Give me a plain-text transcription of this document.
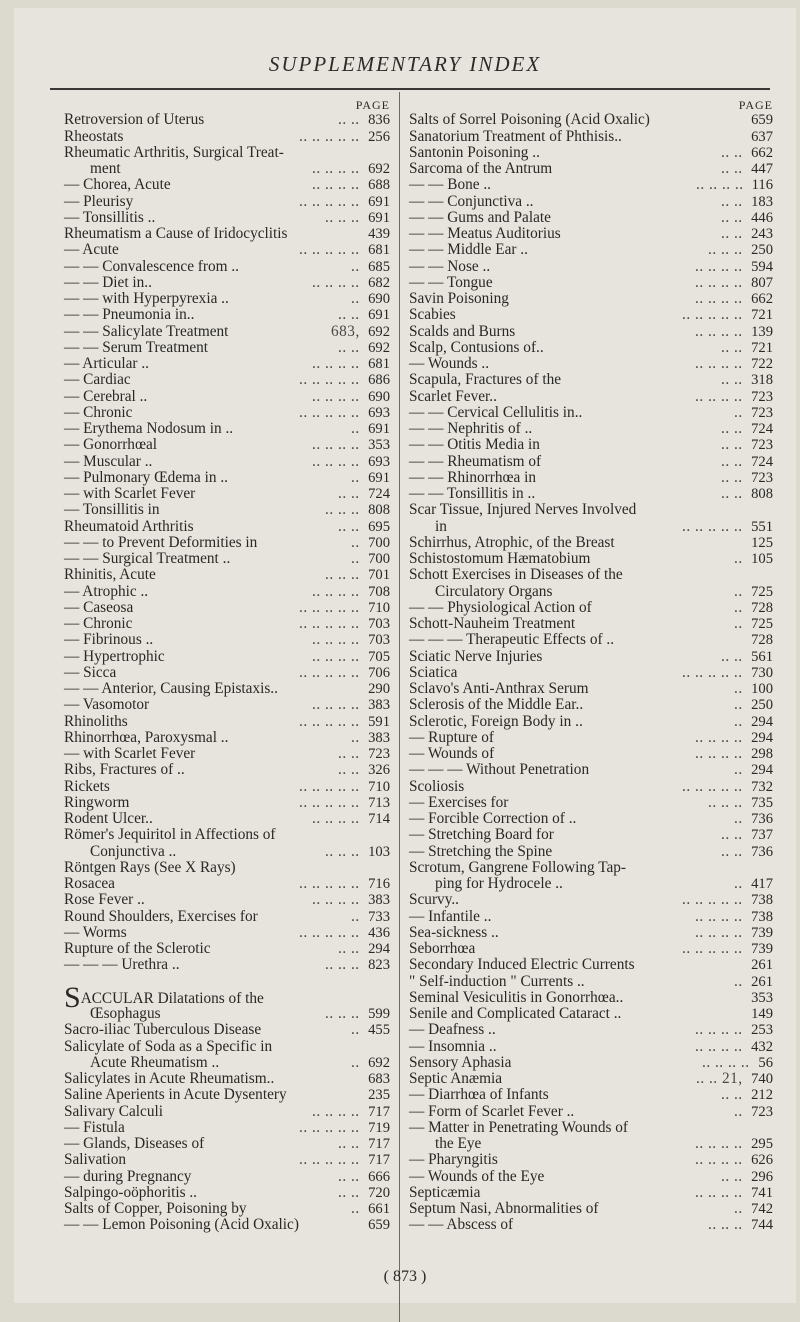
SUPPLEMENTARY INDEX
PAGE
Retroversion of Uterus	.. .. 836
Rheostats	.. .. .. .. .. 256
Rheumatic Arthritis, Surgical Treat-
ment	.. .. .. .. 692
— Chorea, Acute	.. .. .. .. 688
— Pleurisy	.. .. .. .. .. 691
— Tonsillitis ..	.. .. .. 691
Rheumatism a Cause of Iridocyclitis	439
— Acute	.. .. .. .. .. 681
— — Convalescence from ..	.. 685
— — Diet in..	.. .. .. .. 682
— — with Hyperpyrexia ..	.. 690
— — Pneumonia in..	.. .. 691
— — Salicylate Treatment	683, 692
— — Serum Treatment	.. .. 692
— Articular ..	.. .. .. .. 681
— Cardiac	.. .. .. .. .. 686
— Cerebral ..	.. .. .. .. 690
— Chronic	.. .. .. .. .. 693
— Erythema Nodosum in ..	.. 691
— Gonorrhœal	.. .. .. .. 353
— Muscular ..	.. .. .. .. 693
— Pulmonary Œdema in ..	.. 691
— with Scarlet Fever	.. .. 724
— Tonsillitis in	.. .. .. 808
Rheumatoid Arthritis	.. .. 695
— — to Prevent Deformities in	.. 700
— — Surgical Treatment ..	.. 700
Rhinitis, Acute	.. .. .. 701
— Atrophic ..	.. .. .. .. 708
— Caseosa	.. .. .. .. .. 710
— Chronic	.. .. .. .. .. 703
— Fibrinous ..	.. .. .. .. 703
— Hypertrophic	.. .. .. .. 705
— Sicca	.. .. .. .. .. 706
— — Anterior, Causing Epistaxis..	290
— Vasomotor	.. .. .. .. 383
Rhinoliths	.. .. .. .. .. 591
Rhinorrhœa, Paroxysmal ..	.. 383
— with Scarlet Fever	.. .. 723
Ribs, Fractures of ..	.. .. 326
Rickets	.. .. .. .. .. 710
Ringworm	.. .. .. .. .. 713
Rodent Ulcer..	.. .. .. .. 714
Römer's Jequiritol in Affections of
Conjunctiva ..	.. .. .. 103
Röntgen Rays (See X Rays)
Rosacea	.. .. .. .. .. 716
Rose Fever ..	.. .. .. .. 383
Round Shoulders, Exercises for	.. 733
— Worms	.. .. .. .. .. 436
Rupture of the Sclerotic	.. .. 294
— — — Urethra ..	.. .. .. 823
SACCULAR Dilatations of the
Œsophagus	.. .. .. 599
Sacro-iliac Tuberculous Disease	.. 455
Salicylate of Soda as a Specific in
Acute Rheumatism ..	.. 692
Salicylates in Acute Rheumatism..	683
Saline Aperients in Acute Dysentery	235
Salivary Calculi	.. .. .. .. 717
— Fistula	.. .. .. .. .. 719
— Glands, Diseases of	.. .. 717
Salivation	.. .. .. .. .. 717
— during Pregnancy	.. .. 666
Salpingo-oöphoritis ..	.. .. 720
Salts of Copper, Poisoning by	.. 661
— — Lemon Poisoning (Acid Oxalic)	659
PAGE
Salts of Sorrel Poisoning (Acid Oxalic)	659
Sanatorium Treatment of Phthisis..	637
Santonin Poisoning ..	.. .. 662
Sarcoma of the Antrum	.. .. 447
— — Bone ..	.. .. .. .. 116
— — Conjunctiva ..	.. .. 183
— — Gums and Palate	.. .. 446
— — Meatus Auditorius	.. .. 243
— — Middle Ear ..	.. .. .. 250
— — Nose ..	.. .. .. .. 594
— — Tongue	.. .. .. .. 807
Savin Poisoning	.. .. .. .. 662
Scabies	.. .. .. .. .. 721
Scalds and Burns	.. .. .. .. 139
Scalp, Contusions of..	.. .. 721
— Wounds ..	.. .. .. .. 722
Scapula, Fractures of the	.. .. 318
Scarlet Fever..	.. .. .. .. 723
— — Cervical Cellulitis in..	.. 723
— — Nephritis of ..	.. .. 724
— — Otitis Media in	.. .. 723
— — Rheumatism of	.. .. 724
— — Rhinorrhœa in	.. .. 723
— — Tonsillitis in ..	.. .. 808
Scar Tissue, Injured Nerves Involved
in	.. .. .. .. .. 551
Schirrhus, Atrophic, of the Breast	125
Schistostomum Hæmatobium	.. 105
Schott Exercises in Diseases of the
Circulatory Organs	.. 725
— — Physiological Action of	.. 728
Schott-Nauheim Treatment	.. 725
— — — Therapeutic Effects of ..	728
Sciatic Nerve Injuries	.. .. 561
Sciatica	.. .. .. .. .. 730
Sclavo's Anti-Anthrax Serum	.. 100
Sclerosis of the Middle Ear..	.. 250
Sclerotic, Foreign Body in ..	.. 294
— Rupture of	.. .. .. .. 294
— Wounds of	.. .. .. .. 298
— — — Without Penetration	.. 294
Scoliosis	.. .. .. .. .. 732
— Exercises for	.. .. .. 735
— Forcible Correction of ..	.. 736
— Stretching Board for	.. .. 737
— Stretching the Spine	.. .. 736
Scrotum, Gangrene Following Tap-
ping for Hydrocele ..	.. 417
Scurvy..	.. .. .. .. .. 738
— Infantile ..	.. .. .. .. 738
Sea-sickness ..	.. .. .. .. 739
Seborrhœa	.. .. .. .. .. 739
Secondary Induced Electric Currents	261
" Self-induction " Currents ..	.. 261
Seminal Vesiculitis in Gonorrhœa..	353
Senile and Complicated Cataract ..	149
— Deafness ..	.. .. .. .. 253
— Insomnia ..	.. .. .. .. 432
Sensory Aphasia	.. .. .. .. 56
Septic Anæmia	.. .. 21, 740
— Diarrhœa of Infants	.. .. 212
— Form of Scarlet Fever ..	.. 723
— Matter in Penetrating Wounds of
the Eye	.. .. .. .. 295
— Pharyngitis	.. .. .. .. 626
— Wounds of the Eye	.. .. 296
Septicæmia	.. .. .. .. 741
Septum Nasi, Abnormalities of	.. 742
— — Abscess of	.. .. .. 744
( 873 )
